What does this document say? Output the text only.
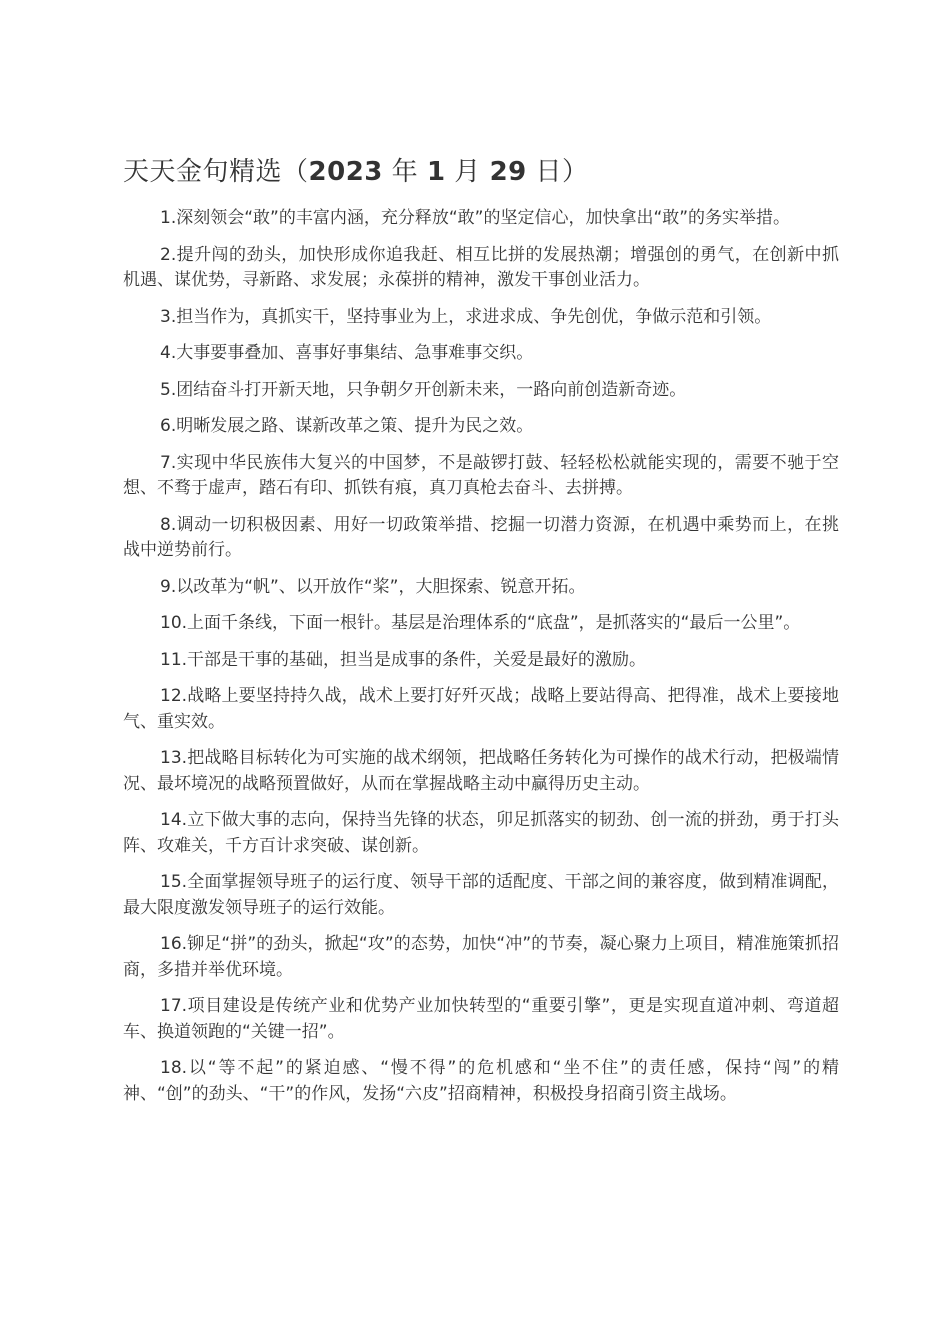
天天金句精选（2023 年 1 月 29 日）

1.深刻领会“敢”的丰富内涵，充分释放“敢”的坚定信心，加快拿出“敢”的务实举措。

2.提升闯的劲头，加快形成你追我赶、相互比拼的发展热潮；增强创的勇气，在创新中抓机遇、谋优势，寻新路、求发展；永葆拼的精神，激发干事创业活力。

3.担当作为，真抓实干，坚持事业为上，求进求成、争先创优，争做示范和引领。

4.大事要事叠加、喜事好事集结、急事难事交织。

5.团结奋斗打开新天地，只争朝夕开创新未来，一路向前创造新奇迹。

6.明晰发展之路、谋新改革之策、提升为民之效。

7.实现中华民族伟大复兴的中国梦，不是敲锣打鼓、轻轻松松就能实现的，需要不驰于空想、不骛于虚声，踏石有印、抓铁有痕，真刀真枪去奋斗、去拼搏。

8.调动一切积极因素、用好一切政策举措、挖掘一切潜力资源，在机遇中乘势而上，在挑战中逆势前行。

9.以改革为“帆”、以开放作“桨”，大胆探索、锐意开拓。

10.上面千条线，下面一根针。基层是治理体系的“底盘”，是抓落实的“最后一公里”。

11.干部是干事的基础，担当是成事的条件，关爱是最好的激励。

12.战略上要坚持持久战，战术上要打好歼灭战；战略上要站得高、把得准，战术上要接地气、重实效。

13.把战略目标转化为可实施的战术纲领，把战略任务转化为可操作的战术行动，把极端情况、最坏境况的战略预置做好，从而在掌握战略主动中赢得历史主动。

14.立下做大事的志向，保持当先锋的状态，卯足抓落实的韧劲、创一流的拼劲，勇于打头阵、攻难关，千方百计求突破、谋创新。

15.全面掌握领导班子的运行度、领导干部的适配度、干部之间的兼容度，做到精准调配，最大限度激发领导班子的运行效能。

16.铆足“拼”的劲头，掀起“攻”的态势，加快“冲”的节奏，凝心聚力上项目，精准施策抓招商，多措并举优环境。

17.项目建设是传统产业和优势产业加快转型的“重要引擎”，更是实现直道冲刺、弯道超车、换道领跑的“关键一招”。

18.以“等不起”的紧迫感、“慢不得”的危机感和“坐不住”的责任感，保持“闯”的精神、“创”的劲头、“干”的作风，发扬“六皮”招商精神，积极投身招商引资主战场。
